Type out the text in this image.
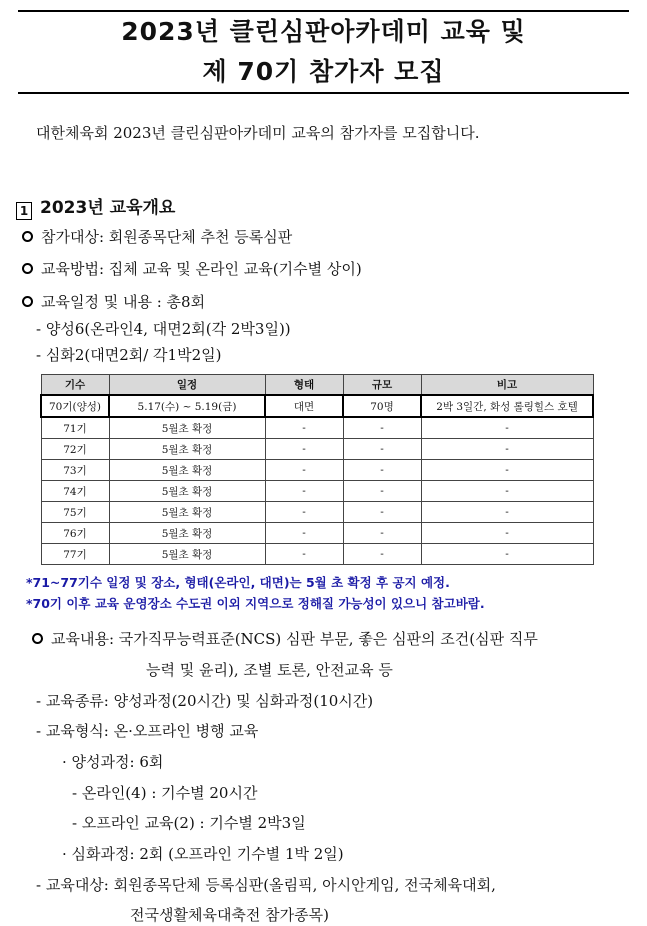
2023년 클린심판아카데미 교육 및
제 70기 참가자 모집
대한체육회 2023년 클린심판아카데미 교육의 참가자를 모집합니다.
1 2023년 교육개요
참가대상: 회원종목단체 추천 등록심판
교육방법: 집체 교육 및 온라인 교육(기수별 상이)
교육일정 및 내용 : 총8회
- 양성6(온라인4, 대면2회(각 2박3일))
- 심화2(대면2회/ 각1박2일)
기수	일정	형태	규모	비고
70기(양성)	5.17(수) ~ 5.19(금)	대면	70명	2박 3일간, 화성 롤링힐스 호텔
71기	5월초 확정	-	-	-
72기	5월초 확정	-	-	-
73기	5월초 확정	-	-	-
74기	5월초 확정	-	-	-
75기	5월초 확정	-	-	-
76기	5월초 확정	-	-	-
77기	5월초 확정	-	-	-
*71~77기수 일정 및 장소, 형태(온라인, 대면)는 5월 초 확정 후 공지 예정.
*70기 이후 교육 운영장소 수도권 이외 지역으로 정해질 가능성이 있으니 참고바람.
교육내용: 국가직무능력표준(NCS) 심판 부문, 좋은 심판의 조건(심판 직무
능력 및 윤리), 조별 토론, 안전교육 등
- 교육종류: 양성과정(20시간) 및 심화과정(10시간)
- 교육형식: 온·오프라인 병행 교육
· 양성과정: 6회
- 온라인(4) : 기수별 20시간
- 오프라인 교육(2) : 기수별 2박3일
· 심화과정: 2회 (오프라인 기수별 1박 2일)
- 교육대상: 회원종목단체 등록심판(올림픽, 아시안게임, 전국체육대회,
전국생활체육대축전 참가종목)
